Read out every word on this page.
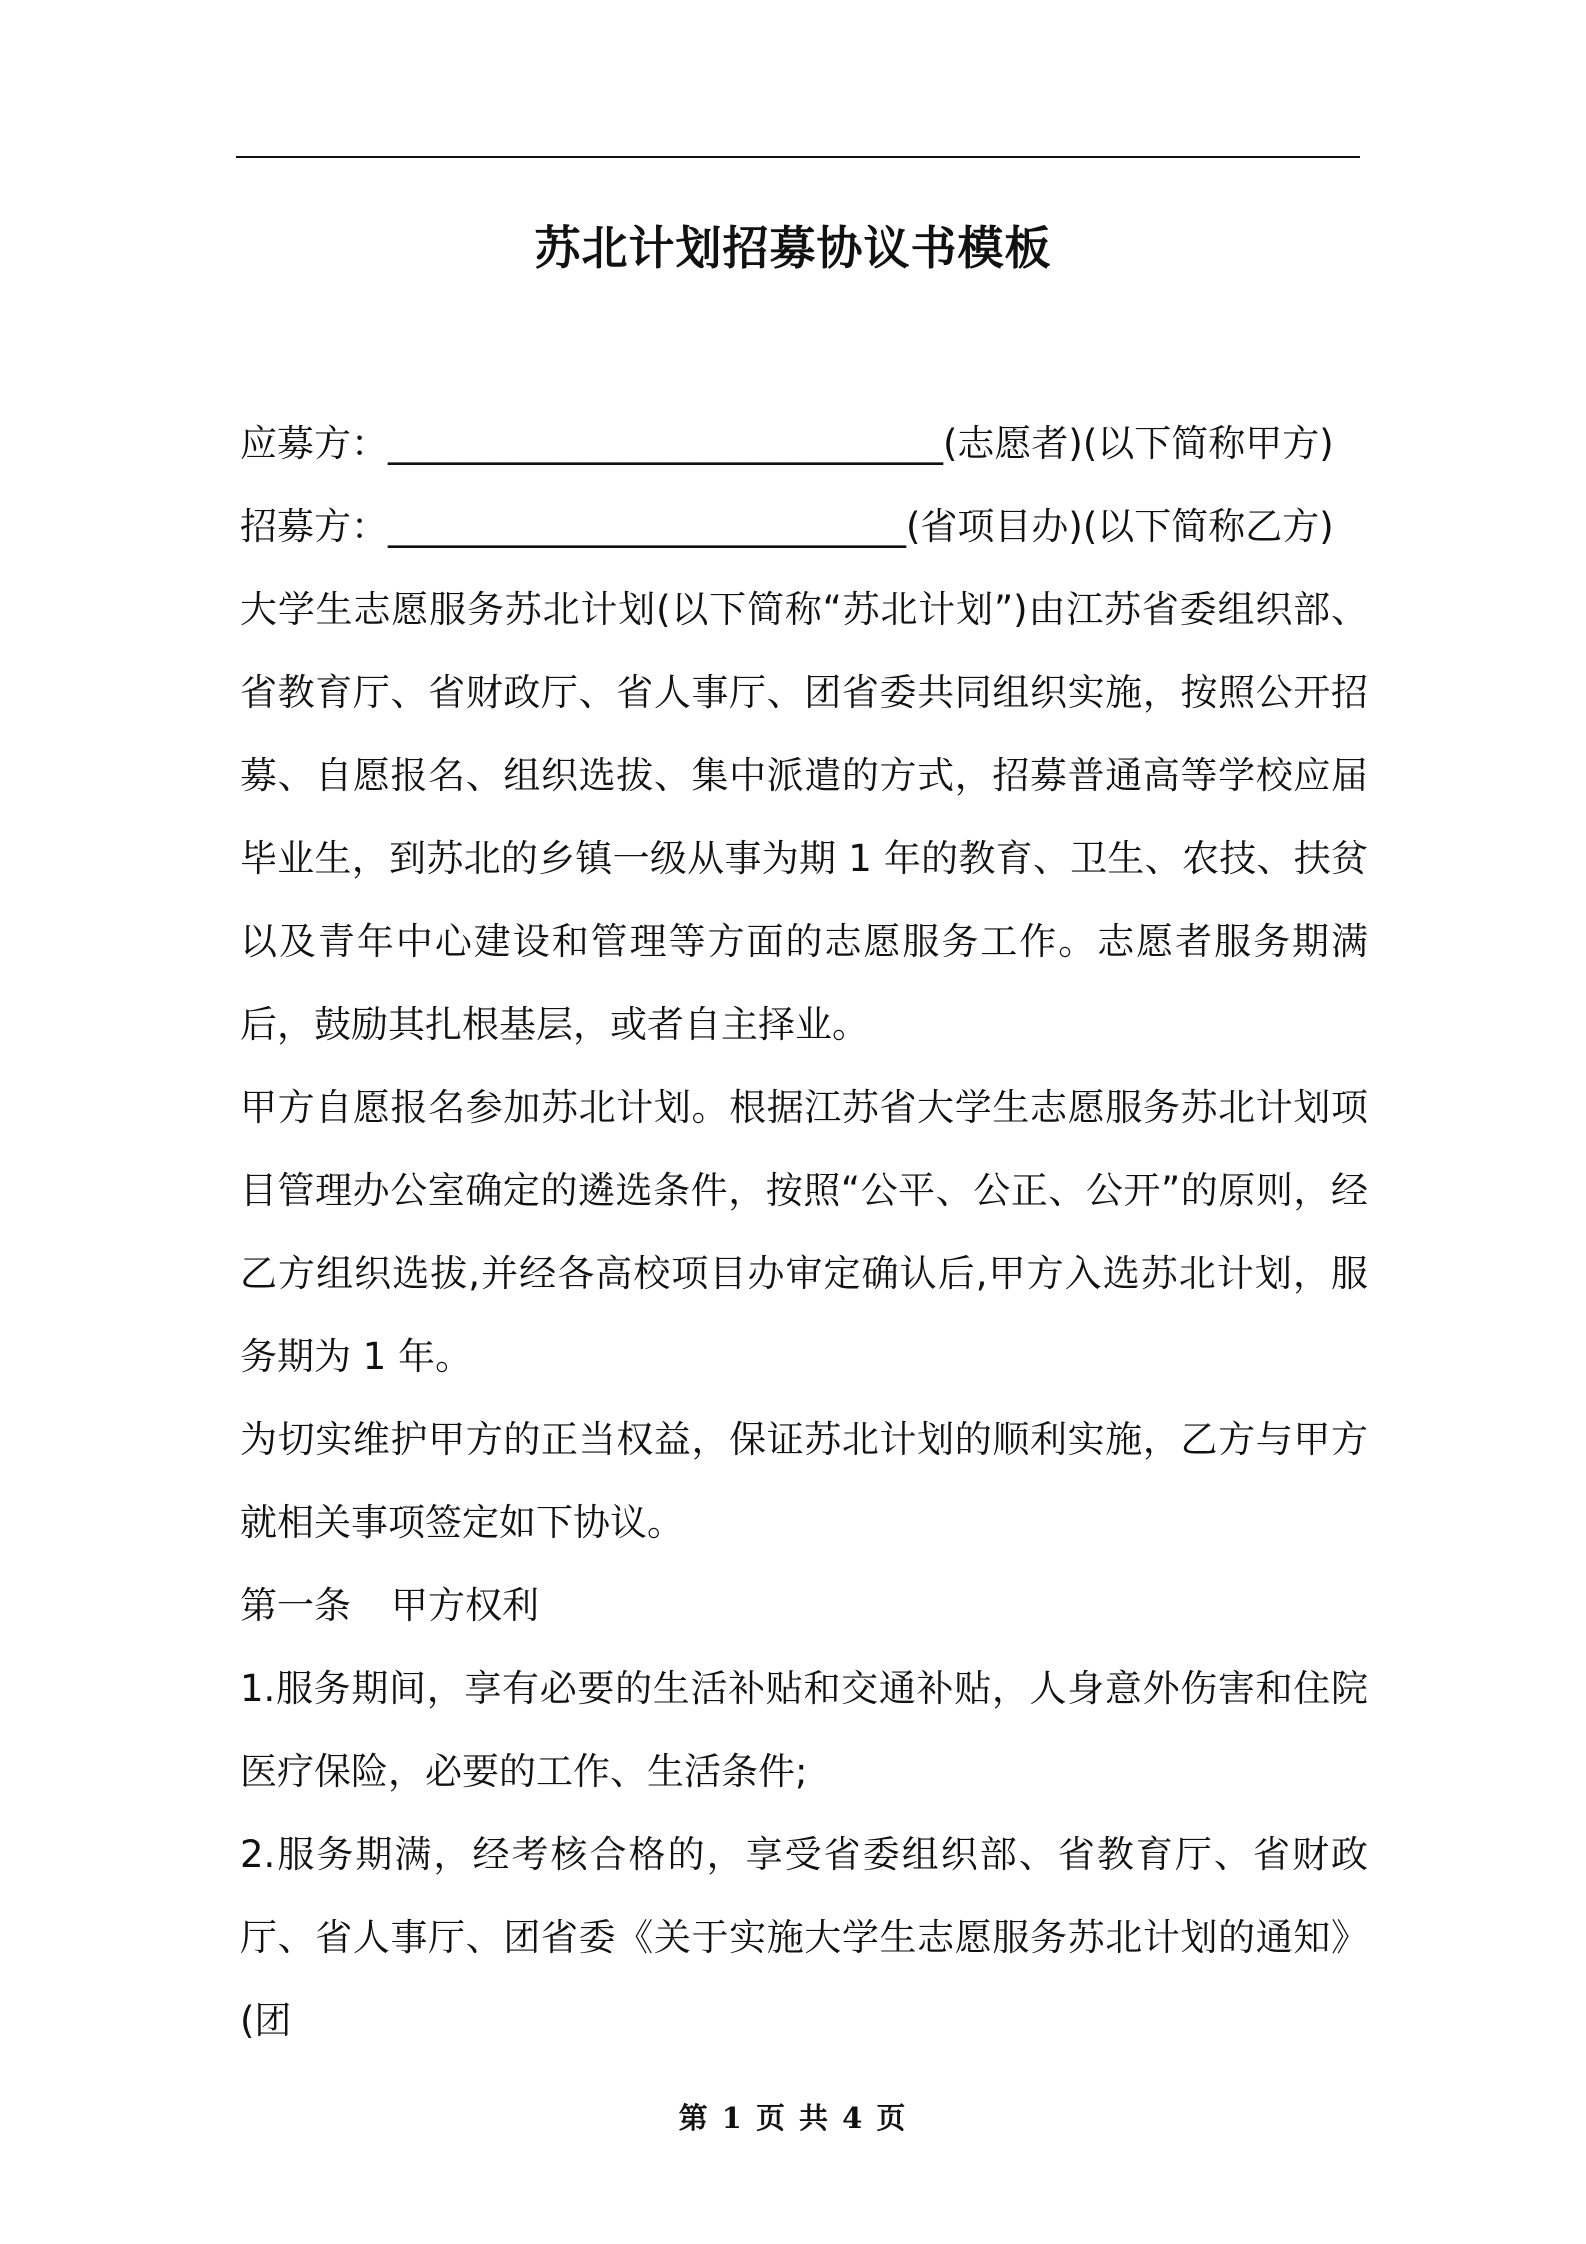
苏北计划招募协议书模板

应募方：______________________________(志愿者)(以下简称甲方)

招募方：____________________________(省项目办)(以下简称乙方)

大学生志愿服务苏北计划(以下简称“苏北计划”)由江苏省委组织部、省教育厅、省财政厅、省人事厅、团省委共同组织实施，按照公开招募、自愿报名、组织选拔、集中派遣的方式，招募普通高等学校应届毕业生，到苏北的乡镇一级从事为期 1 年的教育、卫生、农技、扶贫以及青年中心建设和管理等方面的志愿服务工作。志愿者服务期满后，鼓励其扎根基层，或者自主择业。

甲方自愿报名参加苏北计划。根据江苏省大学生志愿服务苏北计划项目管理办公室确定的遴选条件，按照“公平、公正、公开”的原则，经乙方组织选拔,并经各高校项目办审定确认后,甲方入选苏北计划，服务期为 1 年。

为切实维护甲方的正当权益，保证苏北计划的顺利实施，乙方与甲方就相关事项签定如下协议。

第一条 甲方权利

1.服务期间，享有必要的生活补贴和交通补贴，人身意外伤害和住院医疗保险，必要的工作、生活条件;

2.服务期满，经考核合格的，享受省委组织部、省教育厅、省财政厅、省人事厅、团省委《关于实施大学生志愿服务苏北计划的通知》(团

第 1 页 共 4 页
